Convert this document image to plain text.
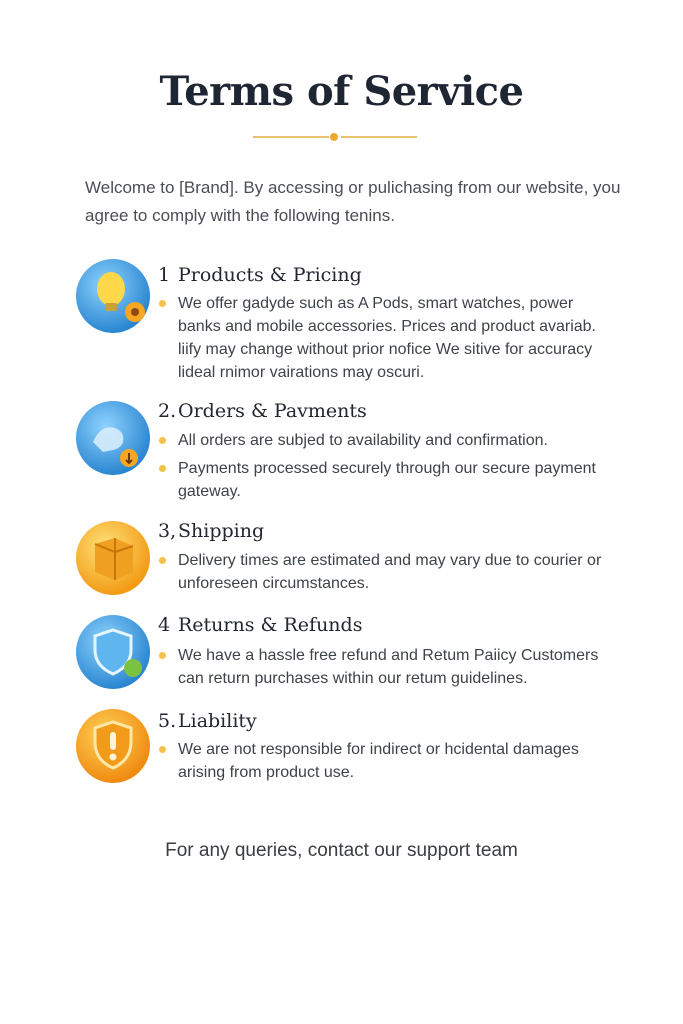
Terms of Service

Welcome to [Brand]. By accessing or pulichasing from our website, you agree to comply with the following tenins.

1 Products & Pricing

We offer gadyde such as A Pods, smart watches, power banks and mobile accessories. Prices and product avariab. liify may change without prior nofice We sitive for accuracy lideal rnimor vairations may oscuri.

2.Orders & Pavments

All orders are subjed to availability and confirmation.

Payments processed securely through our secure payment gateway.

3,Shipping

Delivery times are estimated and may vary due to courier or unforeseen circumstances.

4 Returns & Refunds

We have a hassle free refund and Retum Paiicy Customers can return purchases within our retum guidelines.

5.Liability

We are not responsible for indirect or hcidental damages arising from product use.

For any queries, contact our support team
